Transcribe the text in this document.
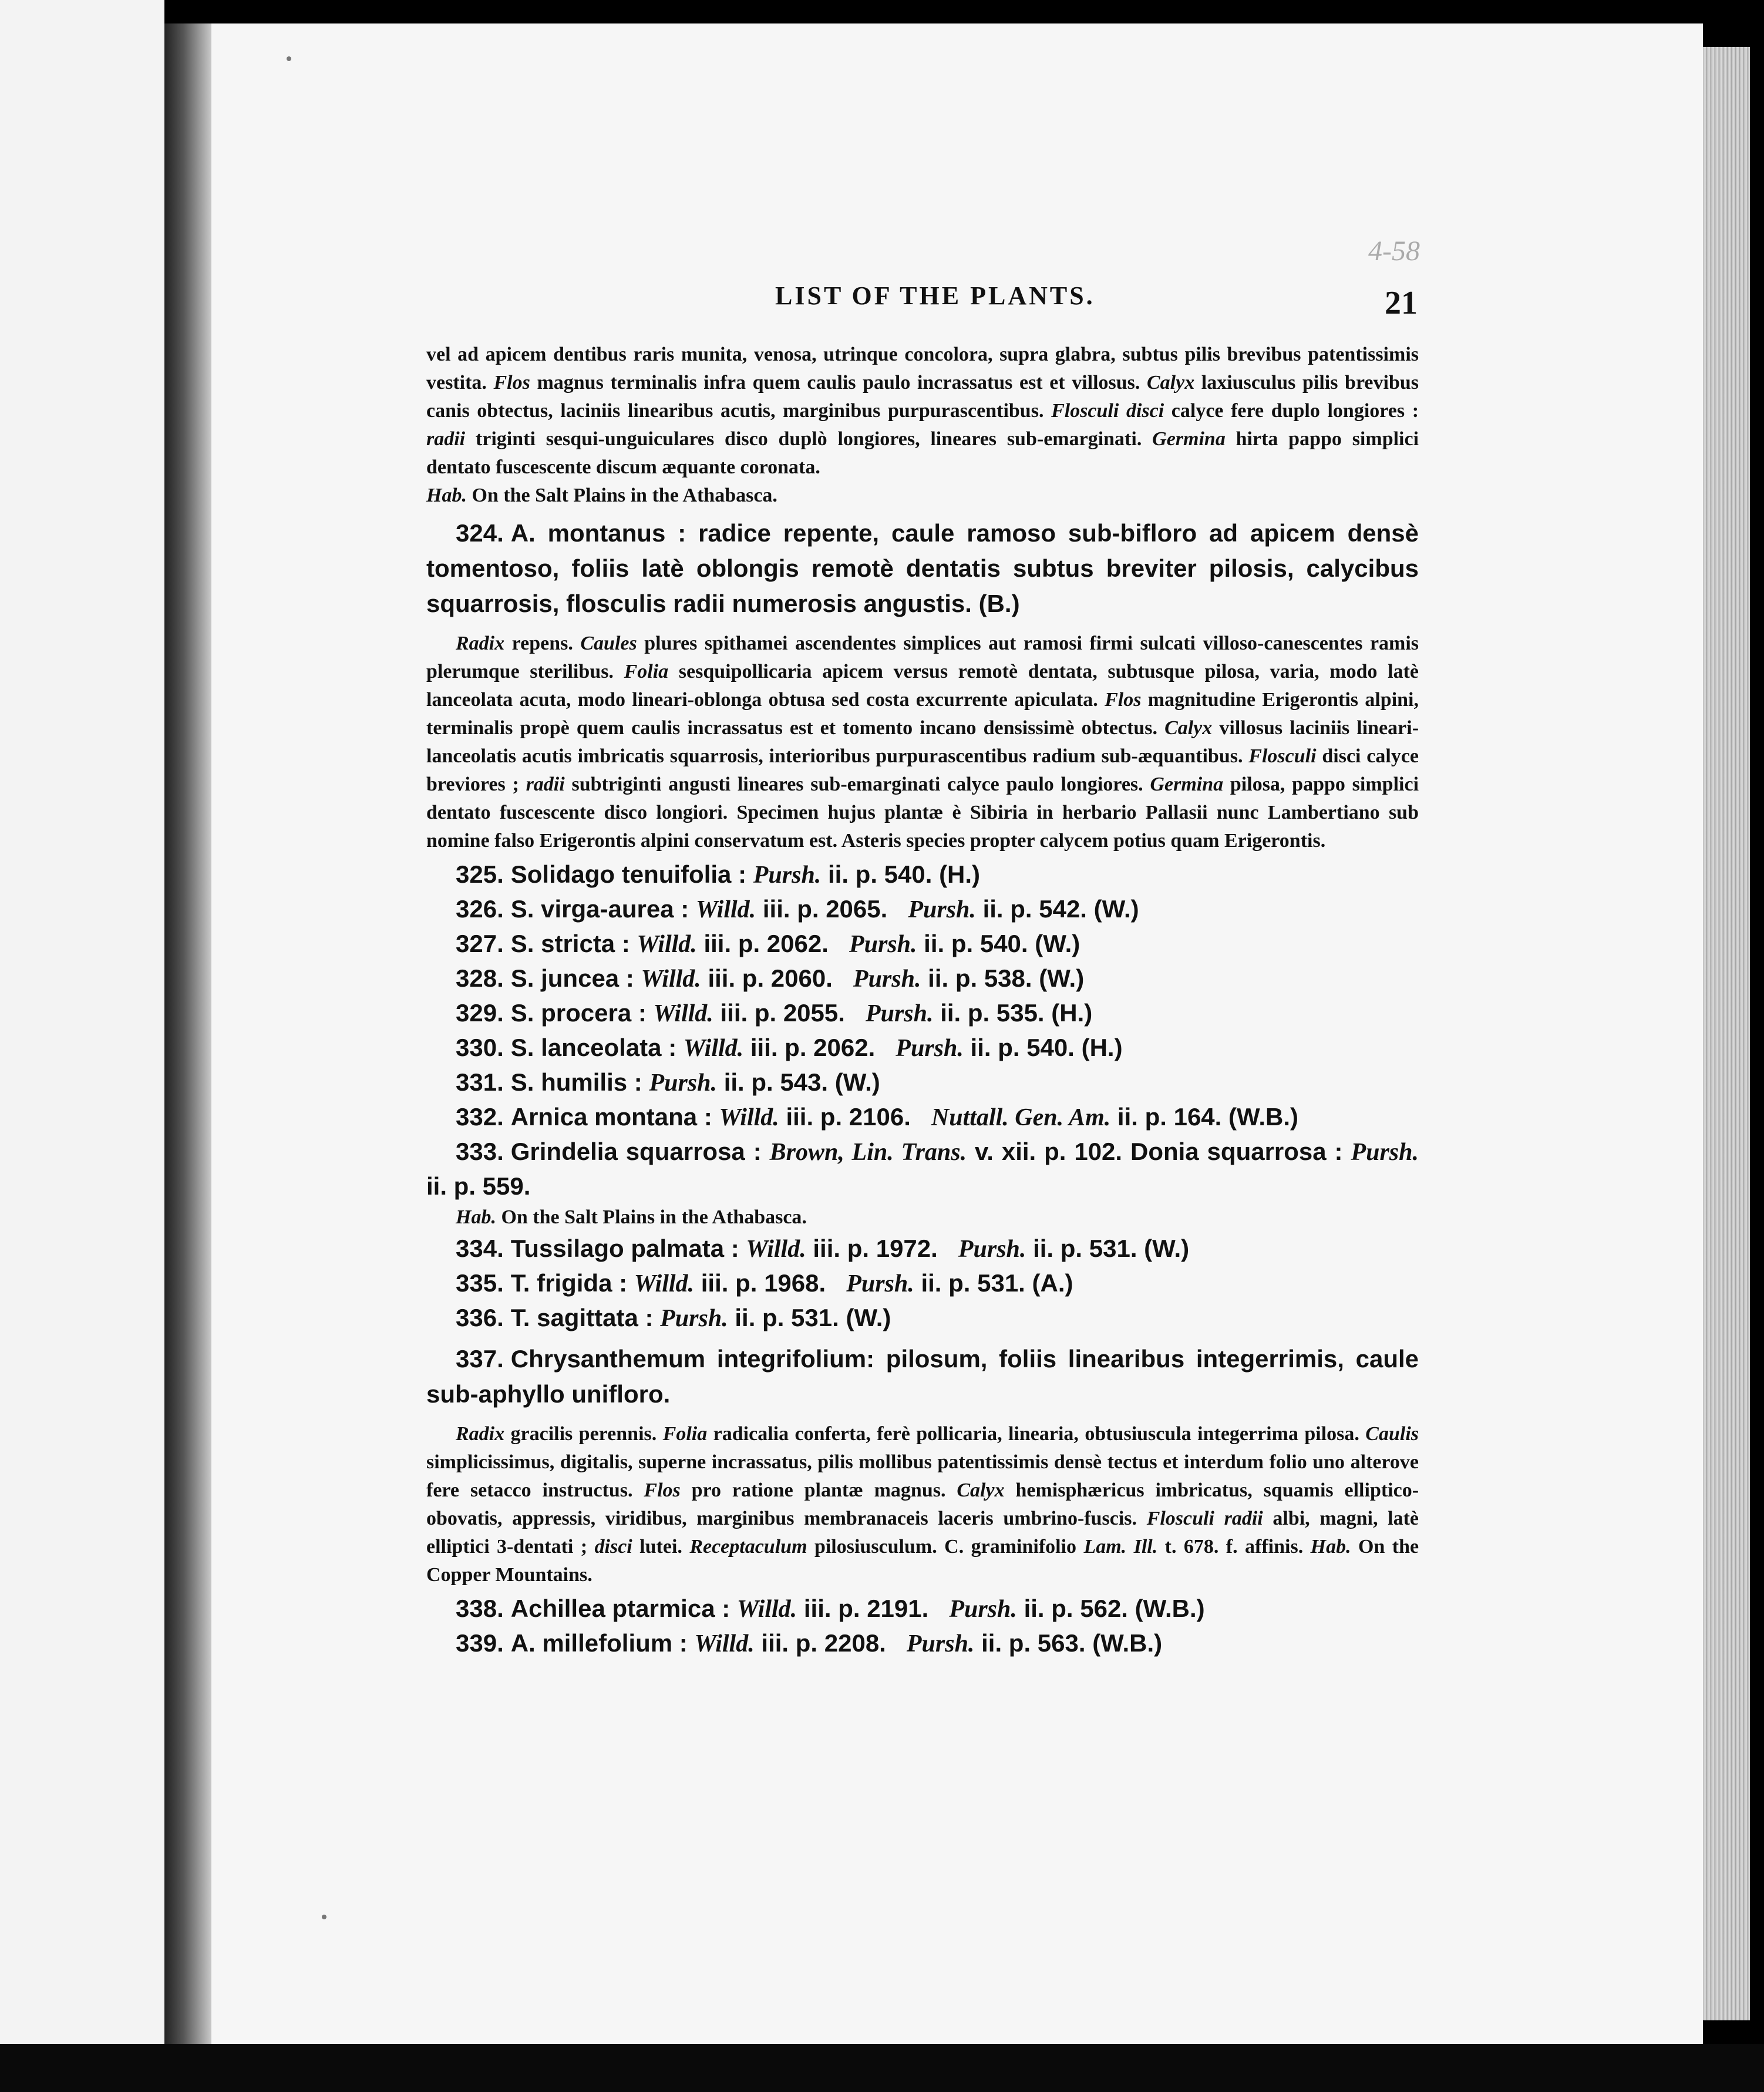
4-58
LIST OF THE PLANTS.	21

vel ad apicem dentibus raris munita, venosa, utrinque concolora, supra glabra, subtus pilis brevibus patentissimis vestita. Flos magnus terminalis infra quem caulis paulo incrassatus est et villosus. Calyx laxiusculus pilis brevibus canis obtectus, laciniis linearibus acutis, marginibus purpurascentibus. Flosculi disci calyce fere duplo longiores : radii triginti sesqui-unguiculares disco duplò longiores, lineares sub-emarginati. Germina hirta pappo simplici dentato fuscescente discum æquante coronata.

Hab. On the Salt Plains in the Athabasca.

324. A. montanus : radice repente, caule ramoso sub-bifloro ad apicem densè tomentoso, foliis latè oblongis remotè dentatis subtus breviter pilosis, calycibus squarrosis, flosculis radii numerosis angustis. (B.)
Radix repens. Caules plures spithamei ascendentes simplices aut ramosi firmi sulcati villoso-canescentes ramis plerumque sterilibus. Folia sesquipollicaria apicem versus remotè dentata, subtusque pilosa, varia, modo latè lanceolata acuta, modo lineari-oblonga obtusa sed costa excurrente apiculata. Flos magnitudine Erigerontis alpini, terminalis propè quem caulis incrassatus est et tomento incano densissimè obtectus. Calyx villosus laciniis lineari-lanceolatis acutis imbricatis squarrosis, interioribus purpurascentibus radium sub-æquantibus. Flosculi disci calyce breviores ; radii subtriginti angusti lineares sub-emarginati calyce paulo longiores. Germina pilosa, pappo simplici dentato fuscescente disco longiori. Specimen hujus plantæ è Sibiria in herbario Pallasii nunc Lambertiano sub nomine falso Erigerontis alpini conservatum est. Asteris species propter calycem potius quam Erigerontis.
325. Solidago tenuifolia : Pursh. ii. p. 540. (H.)
326. S. virga-aurea : Willd. iii. p. 2065. Pursh. ii. p. 542. (W.)
327. S. stricta : Willd. iii. p. 2062. Pursh. ii. p. 540. (W.)
328. S. juncea : Willd. iii. p. 2060. Pursh. ii. p. 538. (W.)
329. S. procera : Willd. iii. p. 2055. Pursh. ii. p. 535. (H.)
330. S. lanceolata : Willd. iii. p. 2062. Pursh. ii. p. 540. (H.)
331. S. humilis : Pursh. ii. p. 543. (W.)
332. Arnica montana : Willd. iii. p. 2106. Nuttall. Gen. Am. ii. p. 164. (W.B.)
333. Grindelia squarrosa : Brown, Lin. Trans. v. xii. p. 102. Donia squarrosa : Pursh. ii. p. 559.

Hab. On the Salt Plains in the Athabasca.

334. Tussilago palmata : Willd. iii. p. 1972. Pursh. ii. p. 531. (W.)
335. T. frigida : Willd. iii. p. 1968. Pursh. ii. p. 531. (A.)
336. T. sagittata : Pursh. ii. p. 531. (W.)
337. Chrysanthemum integrifolium: pilosum, foliis linearibus integerrimis, caule sub-aphyllo unifloro.
Radix gracilis perennis. Folia radicalia conferta, ferè pollicaria, linearia, obtusiuscula integerrima pilosa. Caulis simplicissimus, digitalis, superne incrassatus, pilis mollibus patentissimis densè tectus et interdum folio uno alterove fere setacco instructus. Flos pro ratione plantæ magnus. Calyx hemisphæricus imbricatus, squamis elliptico-obovatis, appressis, viridibus, marginibus membranaceis laceris umbrino-fuscis. Flosculi radii albi, magni, latè elliptici 3-dentati ; disci lutei. Receptaculum pilosiusculum. C. graminifolio Lam. Ill. t. 678. f. affinis. Hab. On the Copper Mountains.
338. Achillea ptarmica : Willd. iii. p. 2191. Pursh. ii. p. 562. (W.B.)
339. A. millefolium : Willd. iii. p. 2208. Pursh. ii. p. 563. (W.B.)
